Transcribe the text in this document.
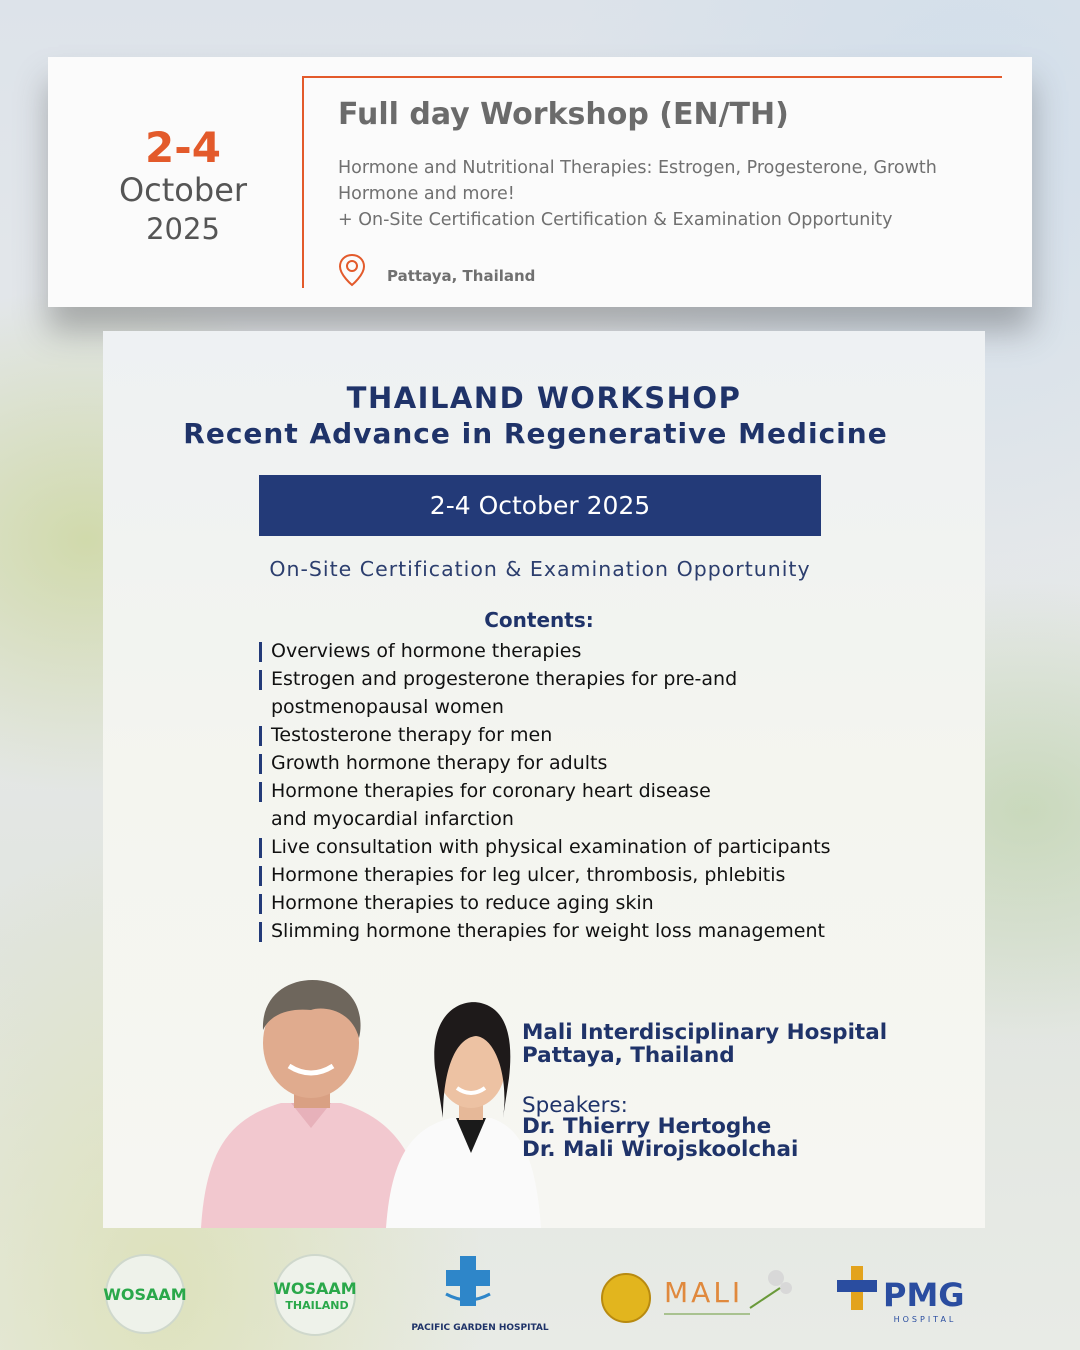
2-4
October
2025
Full day Workshop (EN/TH)
Hormone and Nutritional Therapies: Estrogen, Progesterone, Growth Hormone and more!
+ On-Site Certification Certification & Examination Opportunity
Pattaya, Thailand
THAILAND WORKSHOP
Recent Advance in Regenerative Medicine
2-4 October 2025
On-Site Certification & Examination Opportunity
Contents:
Overviews of hormone therapies
Estrogen and progesterone therapies for pre-and postmenopausal women
Testosterone therapy for men
Growth hormone therapy for adults
Hormone therapies for coronary heart disease and myocardial infarction
Live consultation with physical examination of participants
Hormone therapies for leg ulcer, thrombosis, phlebitis
Hormone therapies to reduce aging skin
Slimming hormone therapies for weight loss management
Mali Interdisciplinary Hospital
Pattaya, Thailand
Speakers:
Dr. Thierry Hertoghe
Dr. Mali Wirojskoolchai
WOSAAM	WOSAAM
THAILAND
PACIFIC GARDEN HOSPITAL
MALI	PMG
HOSPITAL
